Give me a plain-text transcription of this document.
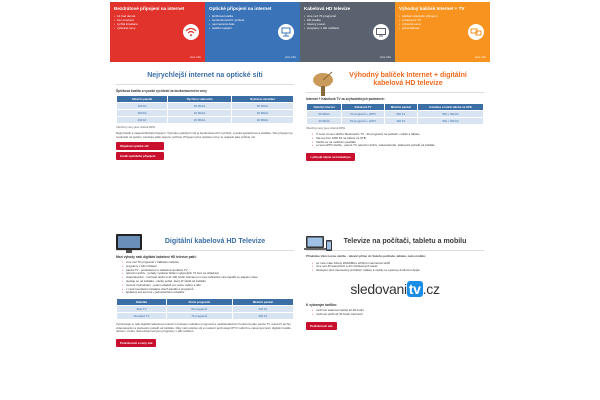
Bezdrátové připojení na internet
• 14 hod denně
• bez omezení
• rychlá instalace
• výhodné ceny
více info
Optické připojení na internet
• špičková kvalita
• bezkonkurenční rychlost
• neomezená data
• stabilní spojení
více info
Kabelová HD televize
• více než 76 programů
• HD kvalita
• časový posun
• programy v HD rozlišení
více info
Výhodný balíček Internet + TV
• balíček optického připojení
• a kabelové TV
• výhodná cena
• jedna faktura
více info
Nejrychlejší internet na optické síti
Špičková kvalita a vysoké rychlosti za bezkonkurenční ceny
Měsíční paušál	Rychlost stahování	Rychlost odesílání
490 Kč	50 Mbit/s	50 Mbit/s
390 Kč	40 Mbit/s	40 Mbit/s
290 Kč	30 Mbit/s	20 Mbit/s
Všechny ceny jsou včetně DPH

Nejrychlejší a nejspolehlivější připojení. Výhodou optických sítí je bezkonkurenční rychlost, vysoká spolehlivost a stabilita. Toto připojení je nezávislé na počasí, zaručuje stále stejnou rychlost. Připojení přes optickou síť je to nejlepší jaké můžete mít.

Objednat optické síti
Ceník optického připojení
Výhodný balíček Internet + digitální kabelová HD televize
Internet + Kabelová TV za zvýhodněných podmínek:
Optický internet	Kabelová TV	Měsíční paušál	Instalace a kratší záloha na STB
50 Mbit/s	76 programů + ePPV	650 Kč	500 + 500 Kč
30 Mbit/s	53 programů + ePPV	460 Kč	500 + 500 Kč
Všechny ceny jsou včetně DPH
• V ceně rovnou službu Sledovanitv TV - 40 programů na počítači, mobilu a tabletu
• Set-top box 1000 Kč na záloze za STB
• Sleďte se na mobilním paušálu
• a ceně ePPV služby - pauza TV, televizní archiv, videorekordér, stahování pořadů od začátku
> připojit zájmu na kontakt.pe
Digitální kabelová HD Televize
Mezi výhody naší digitální kabelové HD televize patří:
• více než 76 programů v základní nabídce
• programy v HD rozlišení
• pauza TV - pozastavení a následné spuštění TV
• televizní archiv - pořady vysílané během uplynulých 72 hod. ke shlédnutí
• videorekordér - možnost uložit si až 100 hodin záznamu s nové nahrávání více kanálů ve stejném čase
• sleduje se od začátku - sleduj pořad, který již začal od začátku
• cenové zvýhodnění - jeden ovladač pro celou rodinu a děti
• v ceně kompletní instalace všech kanálů a programů
• špičkový set-top box v jednoduchém ovládání
Nabídka	Počet programů	Měsíční paušál
Start TV	53 programů	329 Kč
Standard TV	76 programů	359 Kč

Vychutnejte si naši digitální kabelovou televizi s bohatou nabídkou programů a nadstandardními funkcemi jako pauza TV, televizní archiv, videorekordér a stahování pořadů od začátku. Díky naší optické síti a moderní technologii IPTV nabízíme nekompromisní digitální kvalitu obrazu i zvuku. Samozřejmostí jsou programy v HD rozlišení.

Podrobnosti a ceny zde
Televize na počítači, tabletu a mobilu

Přinášíme Vám novou službu - televizi přímo do Vašeho počítače, tabletu, nebo mobilu:

• po ruce máte Sítrety ZDARMA k stříbrné internetové tarifů
• více než 40 televizních a 20 rozhlasových stanic
• dostupné přes internetový prohlížeč, tablety a mobily se systémy Android a Apple
sledovani tv .cz
K vybraným tarifům:
• možnost sledovat zpětně až 30 hodin
• možnost uložit až 40 hodin záznamů
Podrobnosti zde
